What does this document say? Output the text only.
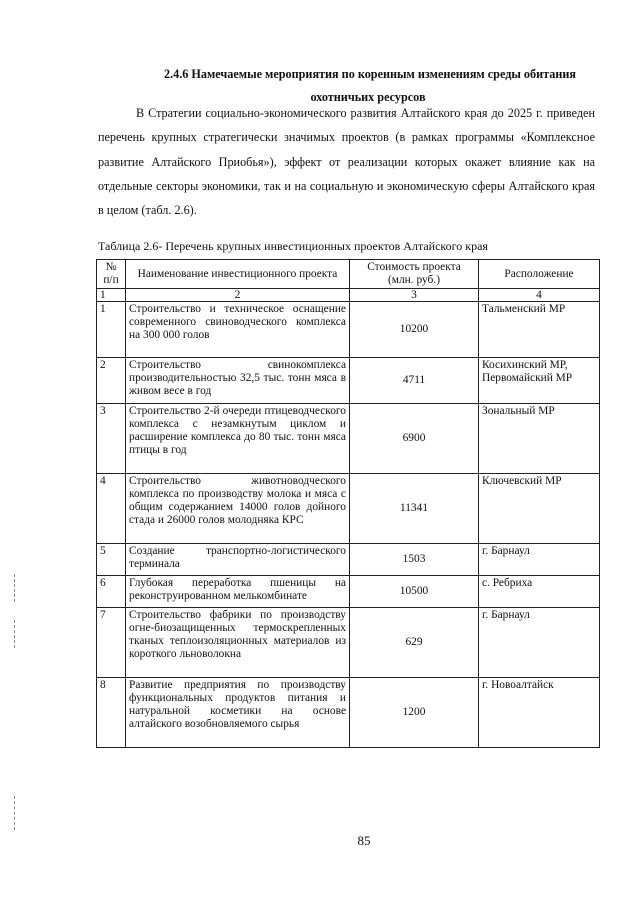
2.4.6 Намечаемые мероприятия по коренным изменениям среды обитания
охотничьих ресурсов
В Стратегии социально-экономического развития Алтайского края до 2025 г. приведен перечень крупных стратегически значимых проектов (в рамках программы «Комплексное развитие Алтайского Приобья»), эффект от реализации которых окажет влияние как на отдельные секторы экономики, так и на социальную и экономическую сферы Алтайского края в целом (табл. 2.6).
Таблица 2.6- Перечень крупных инвестиционных проектов Алтайского края
№ п/п	Наименование инвестиционного проекта	Стоимость проекта (млн. руб.)	Расположение
1	2	3	4
1	Строительство и техническое оснащение современного свиноводческого комплекса на 300 000 голов	10200	Тальменский МР
2	Строительство свинокомплекса производительностью 32,5 тыс. тонн мяса в живом весе в год	4711	Косихинский МР, Первомайский МР
3	Строительство 2-й очереди птицеводческого комплекса с незамкнутым циклом и расширение комплекса до 80 тыс. тонн мяса птицы в год	6900	Зональный МР
4	Строительство животноводческого комплекса по производству молока и мяса с общим содержанием 14000 голов дойного стада и 26000 голов молодняка КРС	11341	Ключевский МР
5	Создание транспортно-логистического терминала	1503	г. Барнаул
6	Глубокая переработка пшеницы на реконструированном мелькомбинате	10500	с. Ребриха
7	Строительство фабрики по производству огне-биозащищенных термоскрепленных тканых теплоизоляционных материалов из короткого льноволокна	629	г. Барнаул
8	Развитие предприятия по производству функциональных продуктов питания и натуральной косметики на основе алтайского возобновляемого сырья	1200	г. Новоалтайск
85
